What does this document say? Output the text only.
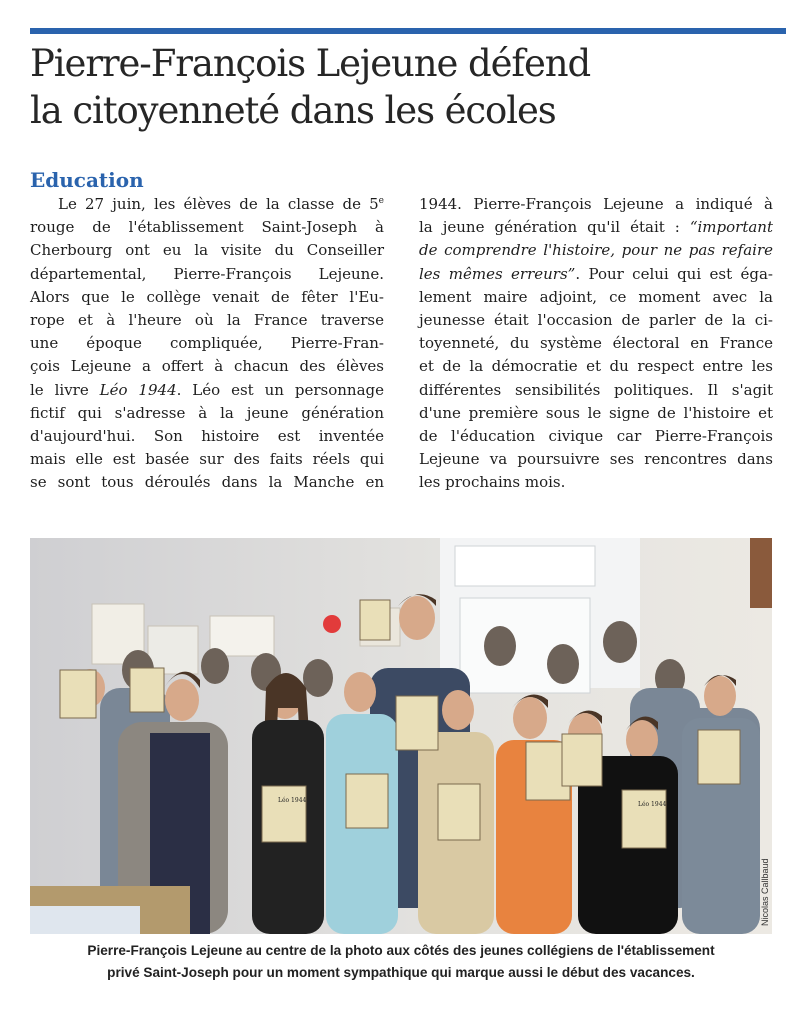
Pierre-François Lejeune défend
la citoyenneté dans les écoles
Education
Le 27 juin, les élèves de la classe de 5e
rouge de l'établissement Saint-Joseph à
Cherbourg ont eu la visite du Conseiller
départemental, Pierre-François Lejeune.
Alors que le collège venait de fêter l'Eu-
rope et à l'heure où la France traverse
une époque compliquée, Pierre-Fran-
çois Lejeune a offert à chacun des élèves
le livre Léo 1944. Léo est un personnage
fictif qui s'adresse à la jeune génération
d'aujourd'hui. Son histoire est inventée
mais elle est basée sur des faits réels qui
se sont tous déroulés dans la Manche en
1944. Pierre-François Lejeune a indiqué à
la jeune génération qu'il était : “important
de comprendre l'histoire, pour ne pas refaire
les mêmes erreurs”. Pour celui qui est éga-
lement maire adjoint, ce moment avec la
jeunesse était l'occasion de parler de la ci-
toyenneté, du système électoral en France
et de la démocratie et du respect entre les
différentes sensibilités politiques. Il s'agit
d'une première sous le signe de l'histoire et
de l'éducation civique car Pierre-François
Lejeune va poursuivre ses rencontres dans
les prochains mois.
Léo 1944
Léo 1944
Nicolas Callbaud

Pierre-François Lejeune au centre de la photo aux côtés des jeunes collégiens de l'établissement
privé Saint-Joseph pour un moment sympathique qui marque aussi le début des vacances.
